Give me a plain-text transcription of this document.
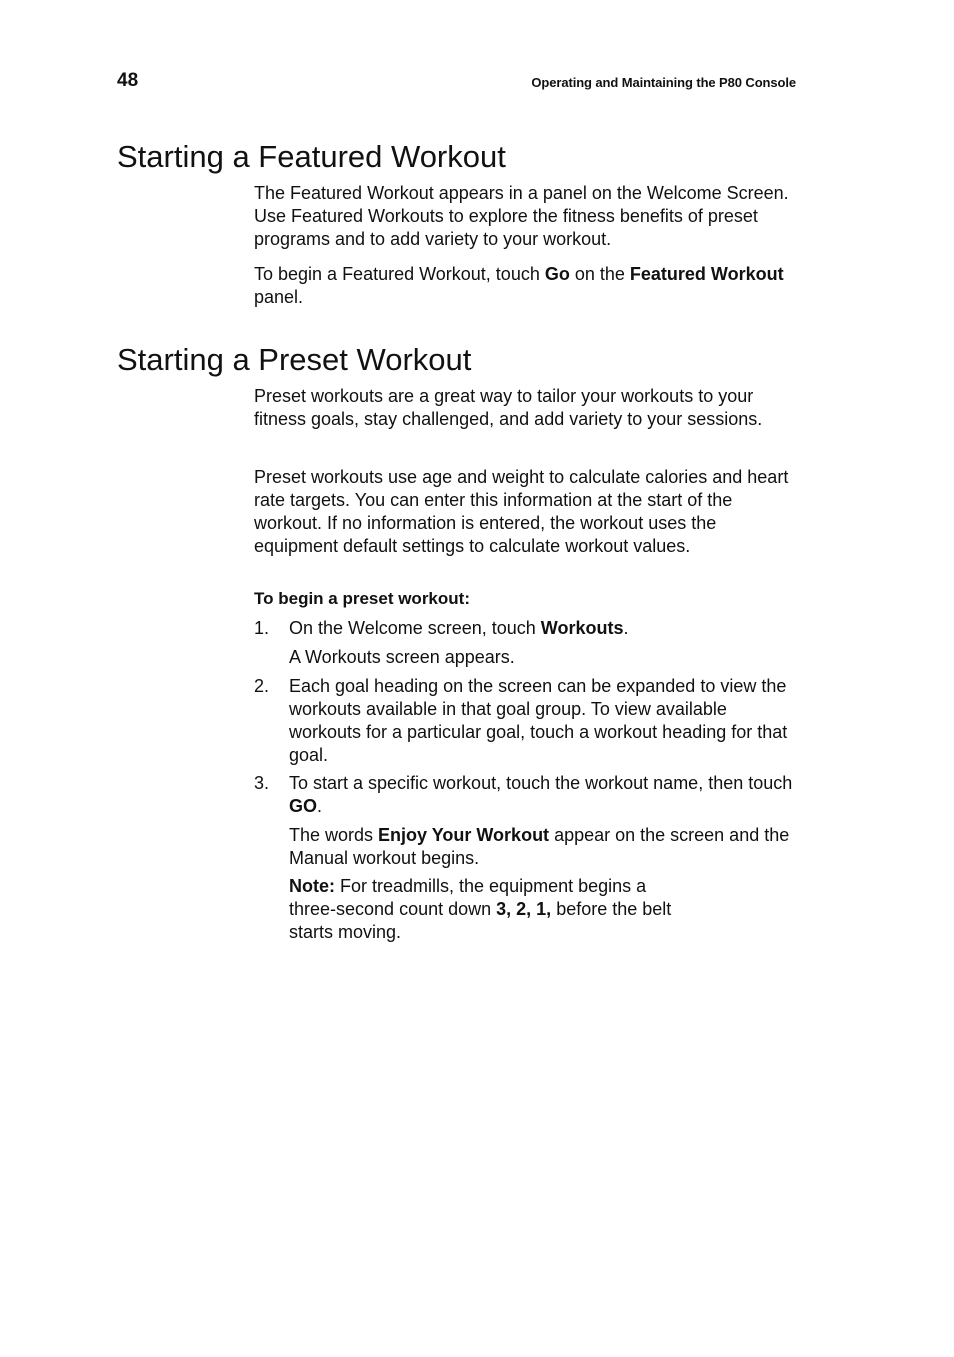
48	Operating and Maintaining the P80 Console
Starting a Featured Workout

The Featured Workout appears in a panel on the Welcome Screen. Use Featured Workouts to explore the fitness benefits of preset programs and to add variety to your workout.

To begin a Featured Workout, touch Go on the Featured Workout panel.

Starting a Preset Workout

Preset workouts are a great way to tailor your workouts to your fitness goals, stay challenged, and add variety to your sessions.

Preset workouts use age and weight to calculate calories and heart rate targets. You can enter this information at the start of the workout. If no information is entered, the workout uses the equipment default settings to calculate workout values.

To begin a preset workout:
1. On the Welcome screen, touch Workouts.
A Workouts screen appears.
2. Each goal heading on the screen can be expanded to view the workouts available in that goal group. To view available workouts for a particular goal, touch a workout heading for that goal.
3. To start a specific workout, touch the workout name, then touch GO.
The words Enjoy Your Workout appear on the screen and the Manual workout begins.
Note: For treadmills, the equipment begins a three-second count down 3, 2, 1, before the belt starts moving.
